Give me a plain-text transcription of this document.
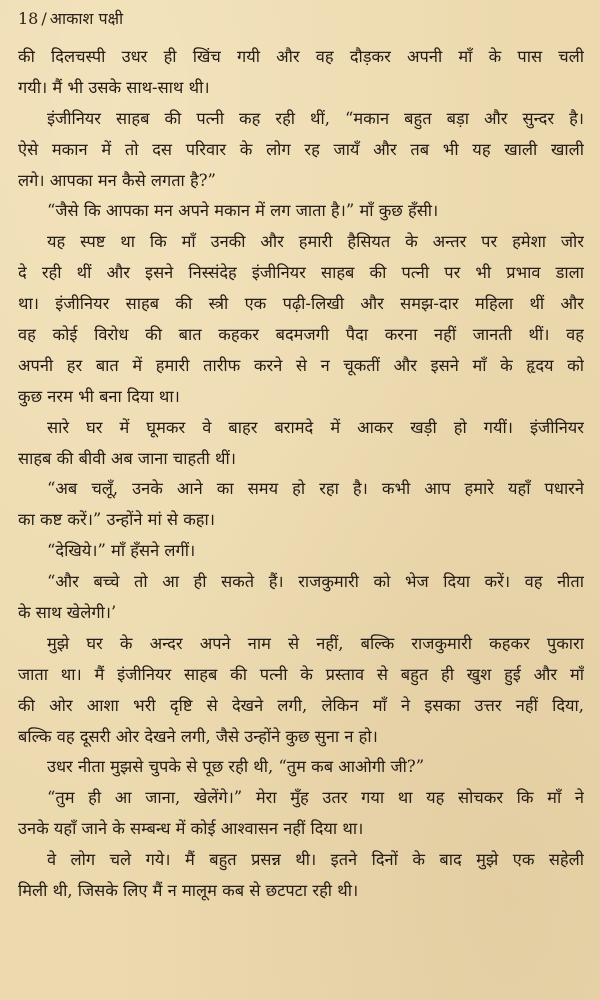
18 / आकाश पक्षी
की दिलचस्पी उधर ही खिंच गयी और वह दौड़कर अपनी माँ के पास चली
गयी। मैं भी उसके साथ-साथ थी।
इंजीनियर साहब की पत्नी कह रही थीं, “मकान बहुत बड़ा और सुन्दर है।
ऐसे मकान में तो दस परिवार के लोग रह जायँ और तब भी यह खाली खाली
लगे। आपका मन कैसे लगता है?”
“जैसे कि आपका मन अपने मकान में लग जाता है।” माँ कुछ हँसी।
यह स्पष्ट था कि माँ उनकी और हमारी हैसियत के अन्तर पर हमेशा जोर
दे रही थीं और इसने निस्संदेह इंजीनियर साहब की पत्नी पर भी प्रभाव डाला
था। इंजीनियर साहब की स्त्री एक पढ़ी-लिखी और समझ-दार महिला थीं और
वह कोई विरोध की बात कहकर बदमजगी पैदा करना नहीं जानती थीं। वह
अपनी हर बात में हमारी तारीफ करने से न चूकतीं और इसने माँ के हृदय को
कुछ नरम भी बना दिया था।
सारे घर में घूमकर वे बाहर बरामदे में आकर खड़ी हो गयीं। इंजीनियर
साहब की बीवी अब जाना चाहती थीं।
“अब चलूँ, उनके आने का समय हो रहा है। कभी आप हमारे यहाँ पधारने
का कष्ट करें।” उन्होंने मां से कहा।
“देखिये।” माँ हँसने लगीं।
“और बच्चे तो आ ही सकते हैं। राजकुमारी को भेज दिया करें। वह नीता
के साथ खेलेगी।’
मुझे घर के अन्दर अपने नाम से नहीं, बल्कि राजकुमारी कहकर पुकारा
जाता था। मैं इंजीनियर साहब की पत्नी के प्रस्ताव से बहुत ही खुश हुई और माँ
की ओर आशा भरी दृष्टि से देखने लगी, लेकिन माँ ने इसका उत्तर नहीं दिया,
बल्कि वह दूसरी ओर देखने लगी, जैसे उन्होंने कुछ सुना न हो।
उधर नीता मुझसे चुपके से पूछ रही थी, “तुम कब आओगी जी?”
“तुम ही आ जाना, खेलेंगे।” मेरा मुँह उतर गया था यह सोचकर कि माँ ने
उनके यहाँ जाने के सम्बन्ध में कोई आश्वासन नहीं दिया था।
वे लोग चले गये। मैं बहुत प्रसन्न थी। इतने दिनों के बाद मुझे एक सहेली
मिली थी, जिसके लिए मैं न मालूम कब से छटपटा रही थी।
